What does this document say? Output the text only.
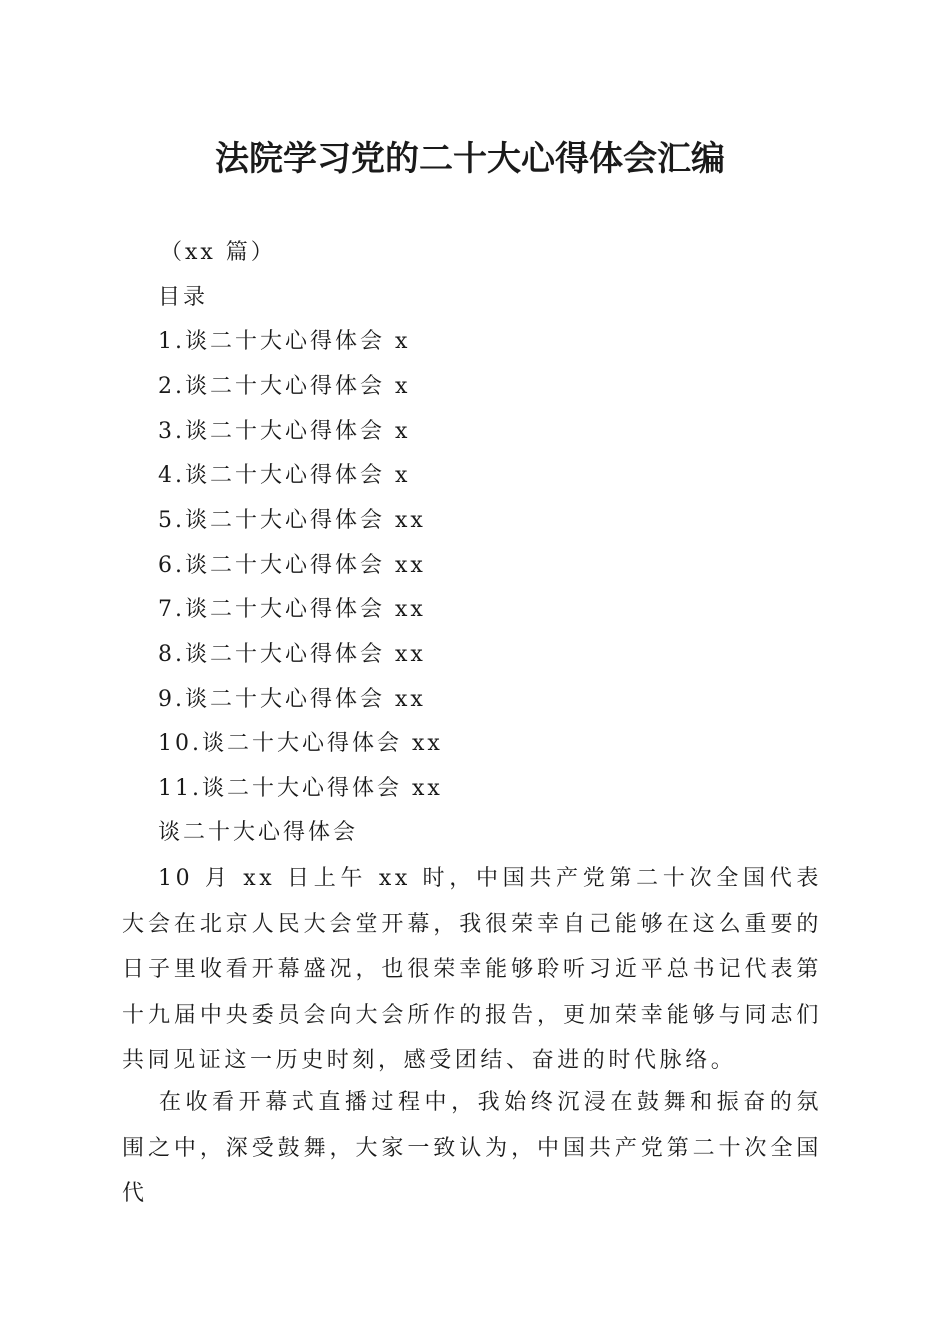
法院学习党的二十大心得体会汇编

（xx 篇）

目录

1.谈二十大心得体会 x

2.谈二十大心得体会 x

3.谈二十大心得体会 x

4.谈二十大心得体会 x

5.谈二十大心得体会 xx

6.谈二十大心得体会 xx

7.谈二十大心得体会 xx

8.谈二十大心得体会 xx

9.谈二十大心得体会 xx

10.谈二十大心得体会 xx

11.谈二十大心得体会 xx

谈二十大心得体会

10 月 xx 日上午 xx 时，中国共产党第二十次全国代表大会在北京人民大会堂开幕，我很荣幸自己能够在这么重要的日子里收看开幕盛况，也很荣幸能够聆听习近平总书记代表第十九届中央委员会向大会所作的报告，更加荣幸能够与同志们共同见证这一历史时刻，感受团结、奋进的时代脉络。

在收看开幕式直播过程中，我始终沉浸在鼓舞和振奋的氛围之中，深受鼓舞，大家一致认为，中国共产党第二十次全国代
